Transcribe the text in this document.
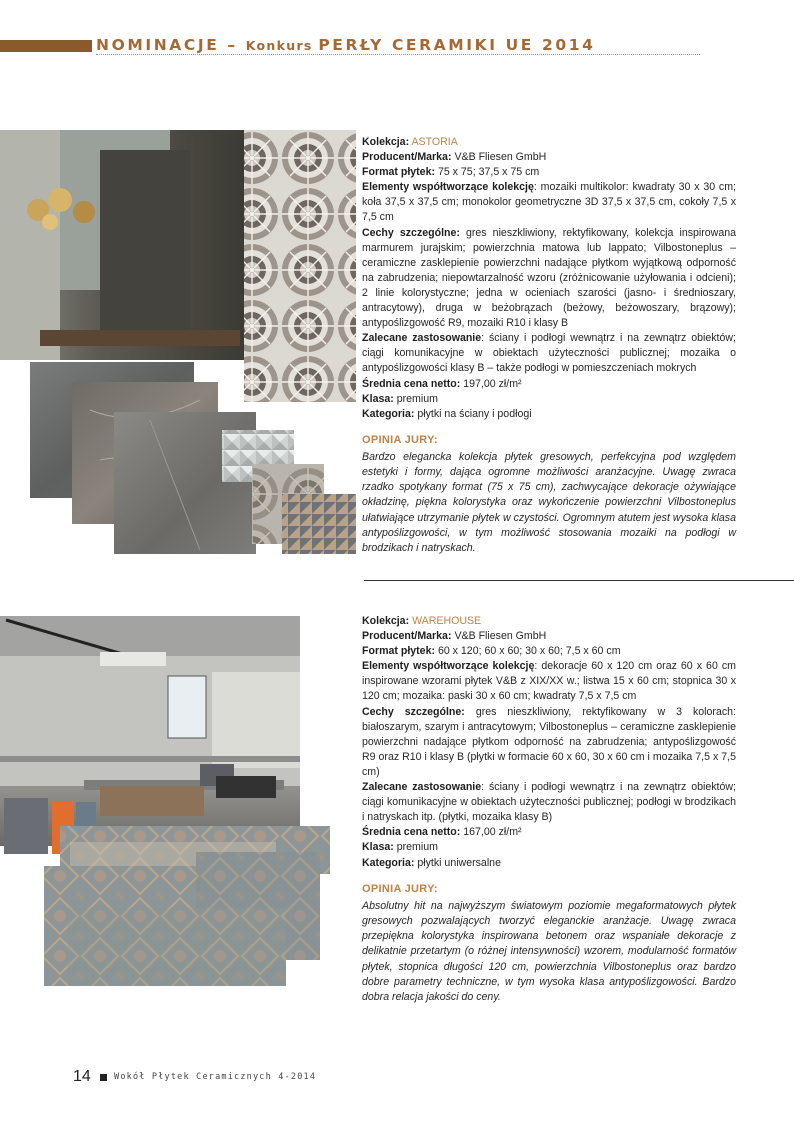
NOMINACJE – Konkurs PERŁY CERAMIKI UE 2014

Kolekcja: ASTORIA

Producent/Marka: V&B Fliesen GmbH

Format płytek: 75 x 75; 37,5 x 75 cm

Elementy współtworzące kolekcję: mozaiki multikolor: kwadraty 30 x 30 cm; koła 37,5 x 37,5 cm; monokolor geometryczne 3D 37,5 x 37,5 cm, cokoły 7,5 x 7,5 cm

Cechy szczególne: gres nieszkliwiony, rektyfikowany, kolekcja inspirowana marmurem jurajskim; powierzchnia matowa lub lappato; Vilbostoneplus – ceramiczne zasklepienie powierzchni nadające płytkom wyjątkową odporność na zabrudzenia; niepowtarzalność wzoru (zróżnicowanie użyłowania i odcieni); 2 linie kolorystyczne; jedna w ocieniach szarości (jasno- i średnioszary, antracytowy), druga w beżobrązach (beżowy, beżowoszary, brązowy); antypoślizgowość R9, mozaiki R10 i klasy B

Zalecane zastosowanie: ściany i podłogi wewnątrz i na zewnątrz obiektów; ciągi komunikacyjne w obiektach użyteczności publicznej; mozaika o antypoślizgowości klasy B – także podłogi w pomieszczeniach mokrych

Średnia cena netto: 197,00 zł/m²

Klasa: premium

Kategoria: płytki na ściany i podłogi

OPINIA JURY:

Bardzo elegancka kolekcja płytek gresowych, perfekcyjna pod względem estetyki i formy, dająca ogromne możliwości aranżacyjne. Uwagę zwraca rzadko spotykany format (75 x 75 cm), zachwycające dekoracje ożywiające okładzinę, piękna kolorystyka oraz wykończenie powierzchni Vilbostoneplus ułatwiające utrzymanie płytek w czystości. Ogromnym atutem jest wysoka klasa antypoślizgowości, w tym możliwość stosowania mozaiki na podłogi w brodzikach i natryskach.

Kolekcja: WAREHOUSE

Producent/Marka: V&B Fliesen GmbH

Format płytek: 60 x 120; 60 x 60; 30 x 60; 7,5 x 60 cm

Elementy współtworzące kolekcję: dekoracje 60 x 120 cm oraz 60 x 60 cm inspirowane wzorami płytek V&B z XIX/XX w.; listwa 15 x 60 cm; stopnica 30 x 120 cm; mozaika: paski 30 x 60 cm; kwadraty 7,5 x 7,5 cm

Cechy szczególne: gres nieszkliwiony, rektyfikowany w 3 kolorach: białoszarym, szarym i antracytowym; Vilbostoneplus – ceramiczne zasklepienie powierzchni nadające płytkom odporność na zabrudzenia; antypoślizgowość R9 oraz R10 i klasy B (płytki w formacie 60 x 60, 30 x 60 cm i mozaika 7,5 x 7,5 cm)

Zalecane zastosowanie: ściany i podłogi wewnątrz i na zewnątrz obiektów; ciągi komunikacyjne w obiektach użyteczności publicznej; podłogi w brodzikach i natryskach itp. (płytki, mozaika klasy B)

Średnia cena netto: 167,00 zł/m²

Klasa: premium

Kategoria: płytki uniwersalne

OPINIA JURY:

Absolutny hit na najwyższym światowym poziomie megaformatowych płytek gresowych pozwalających tworzyć eleganckie aranżacje. Uwagę zwraca przepiękna kolorystyka inspirowana betonem oraz wspaniałe dekoracje z delikatnie przetartym (o różnej intensywności) wzorem, modularność formatów płytek, stopnica długości 120 cm, powierzchnia Vilbostoneplus oraz bardzo dobre parametry techniczne, w tym wysoka klasa antypoślizgowości. Bardzo dobra relacja jakości do ceny.

14	Wokół Płytek Ceramicznych 4-2014
